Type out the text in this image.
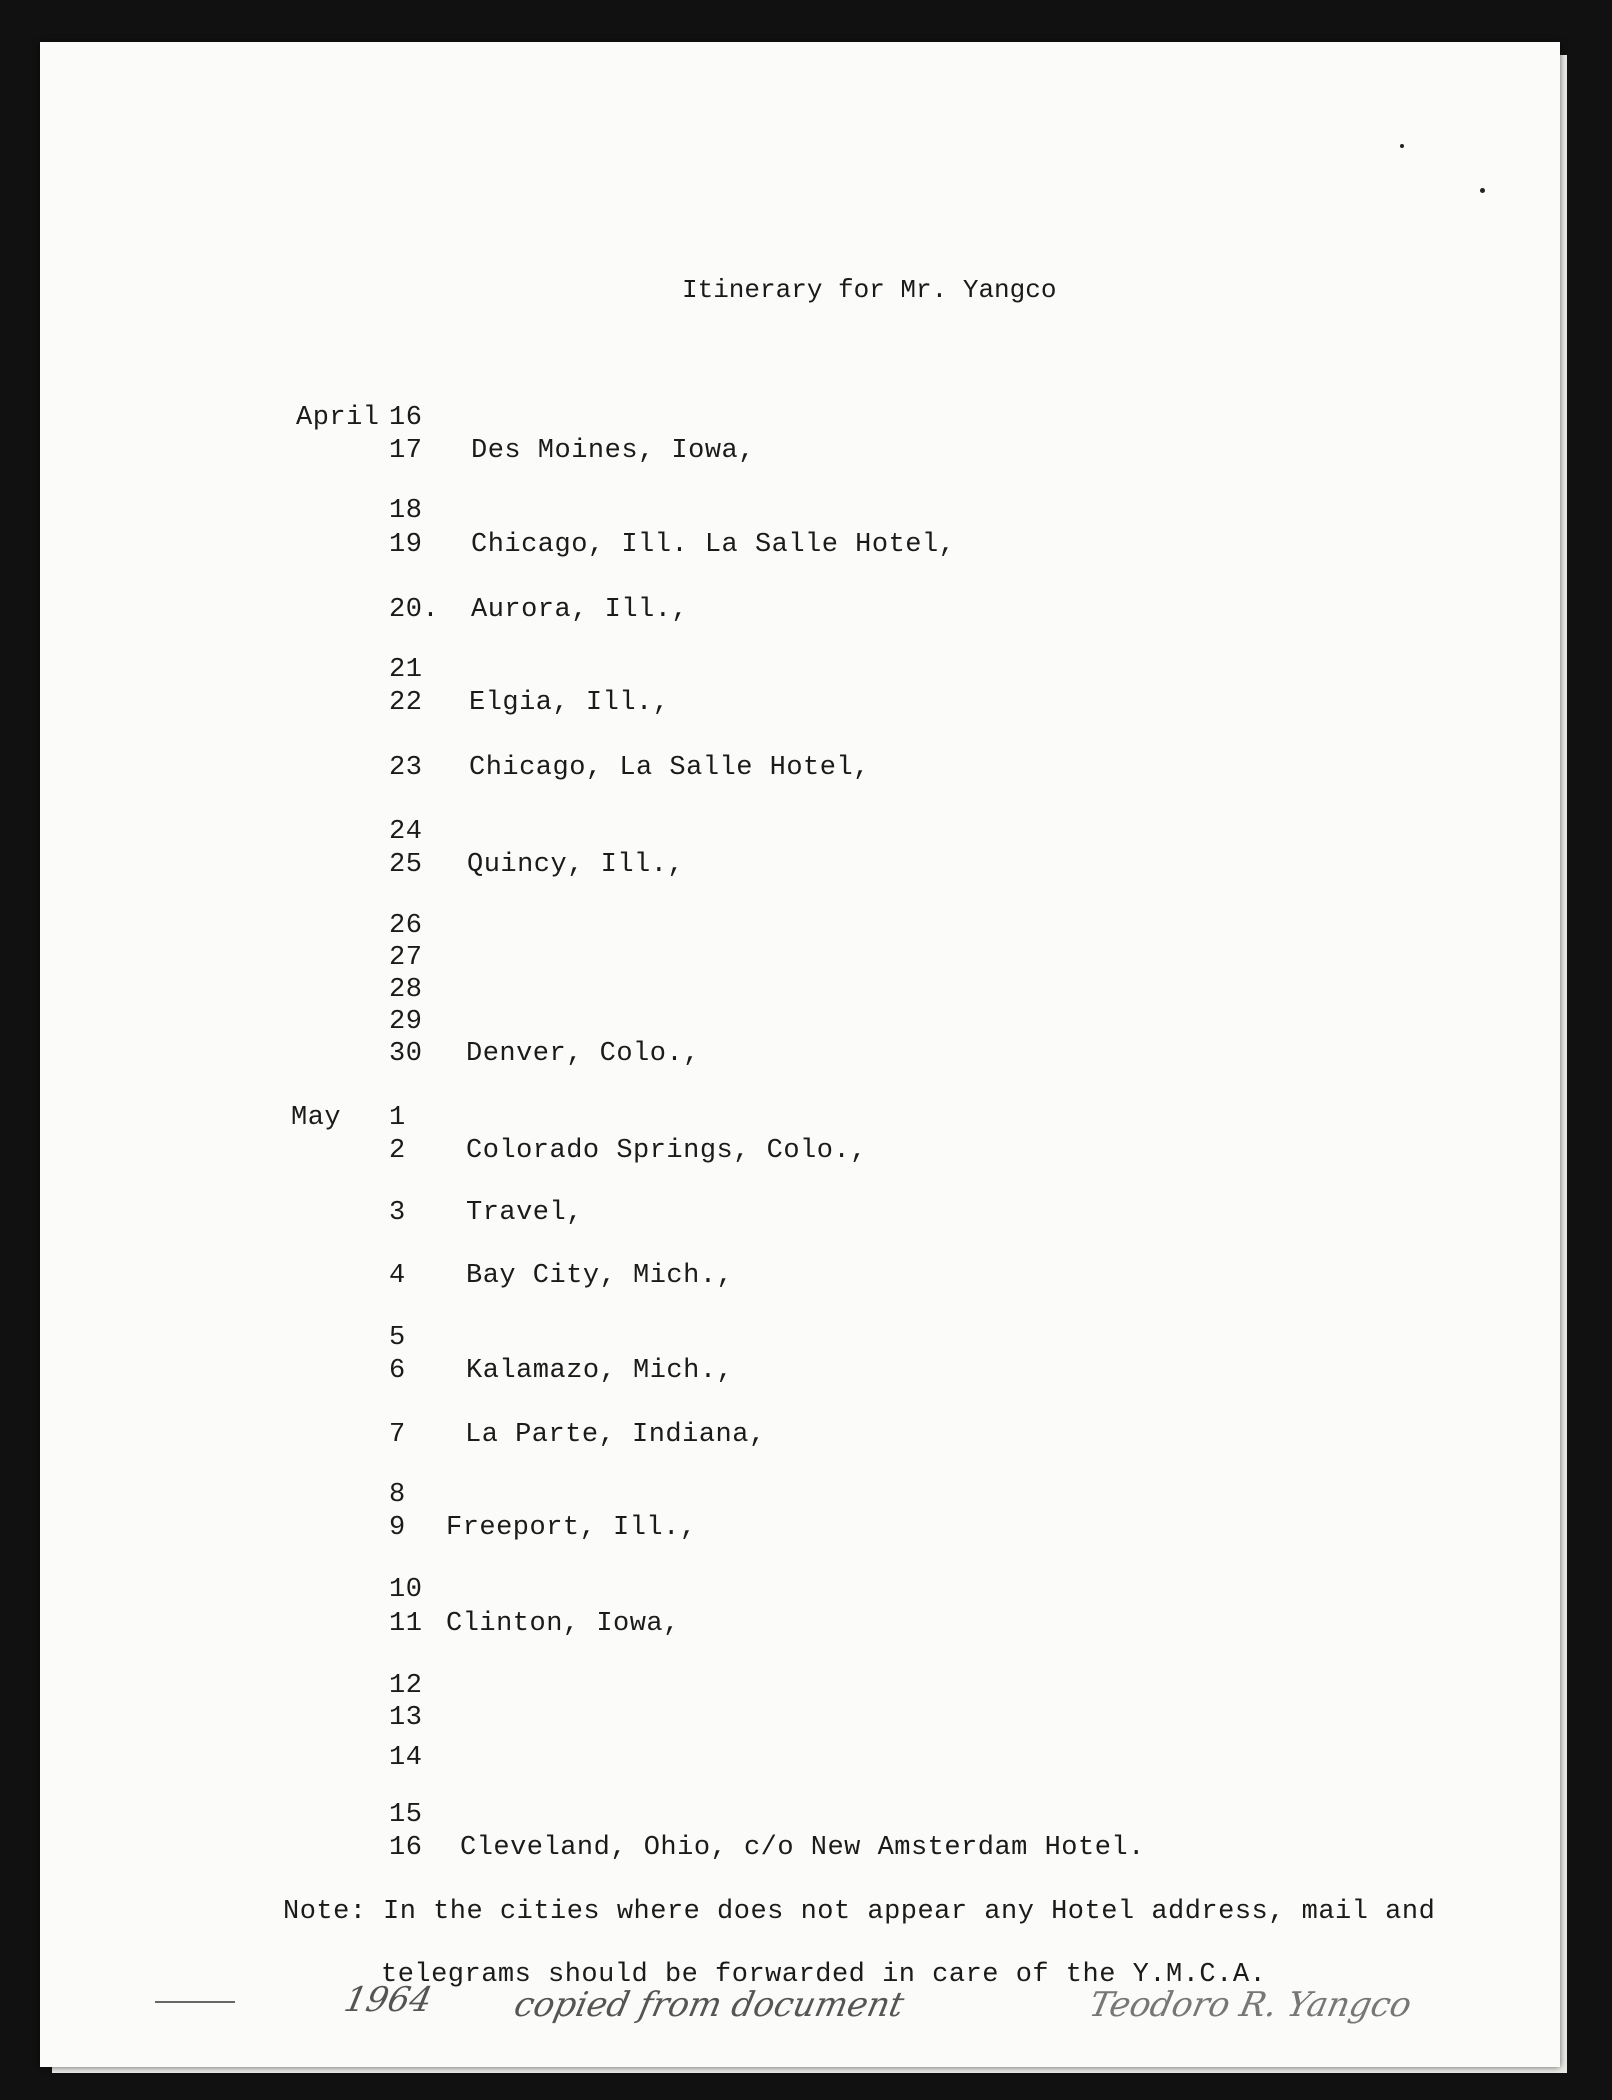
Itinerary for Mr. Yangco
April
May
16
17 Des Moines, Iowa,
18
19 Chicago, Ill. La Salle Hotel,
20. Aurora, Ill.,
21
22 Elgia, Ill.,
23 Chicago, La Salle Hotel,
24
25 Quincy, Ill.,
26
27
28
29
30 Denver, Colo.,
1
2 Colorado Springs, Colo.,
3 Travel,
4 Bay City, Mich.,
5
6 Kalamazo, Mich.,
7 La Parte, Indiana,
8
9 Freeport, Ill.,
10
11 Clinton, Iowa,
12
13
14
15
16 Cleveland, Ohio, c/o New Amsterdam Hotel.
Note: In the cities where does not appear any Hotel address, mail and
telegrams should be forwarded in care of the Y.M.C.A.
1964 copied from document	Teodoro R. Yangco
